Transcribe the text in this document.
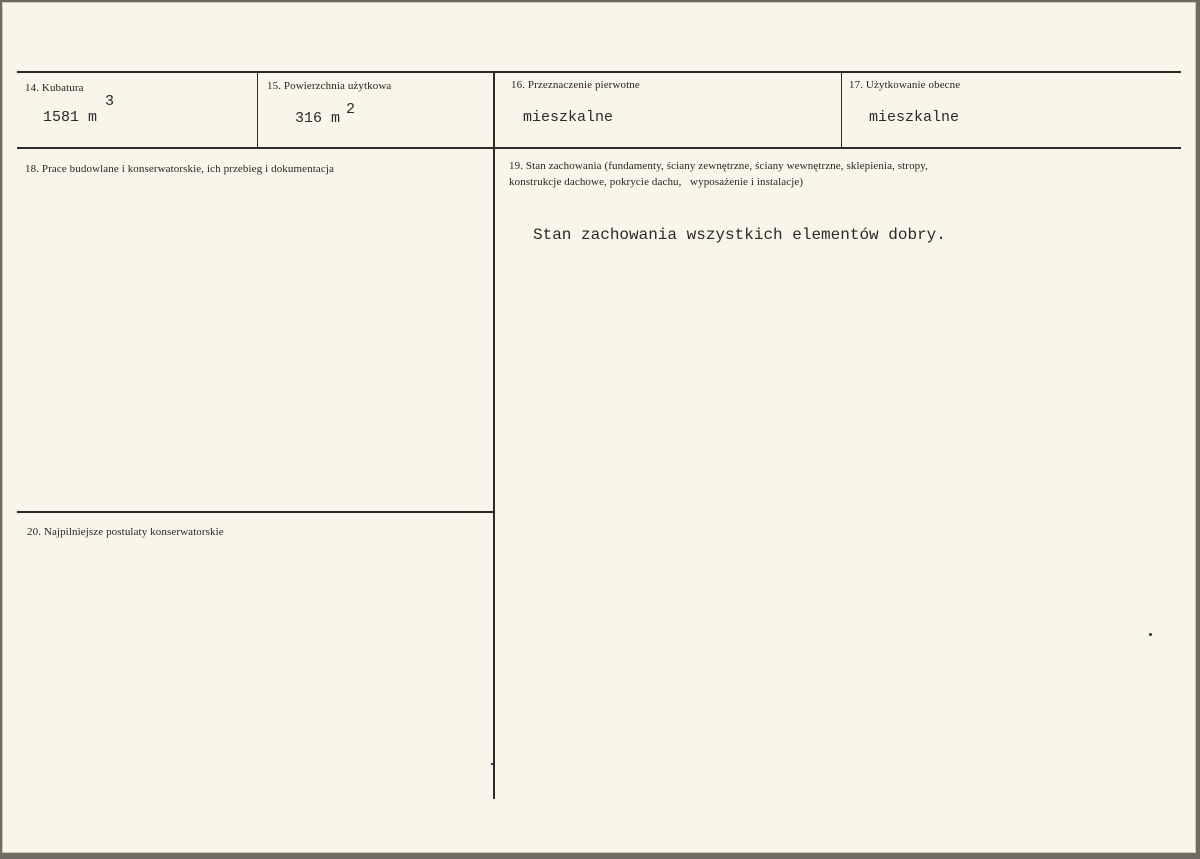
14. Kubatura
1581 m
3
15. Powierzchnia użytkowa
316 m
2
16. Przeznaczenie pierwotne
mieszkalne
17. Użytkowanie obecne
mieszkalne
18. Prace budowlane i konserwatorskie, ich przebieg i dokumentacja	19. Stan zachowania (fundamenty, ściany zewnętrzne, ściany wewnętrzne, sklepienia, stropy,
konstrukcje dachowe, pokrycie dachu,   wyposażenie i instalacje)
Stan zachowania wszystkich elementów dobry.
20. Najpilniejsze postulaty konserwatorskie
